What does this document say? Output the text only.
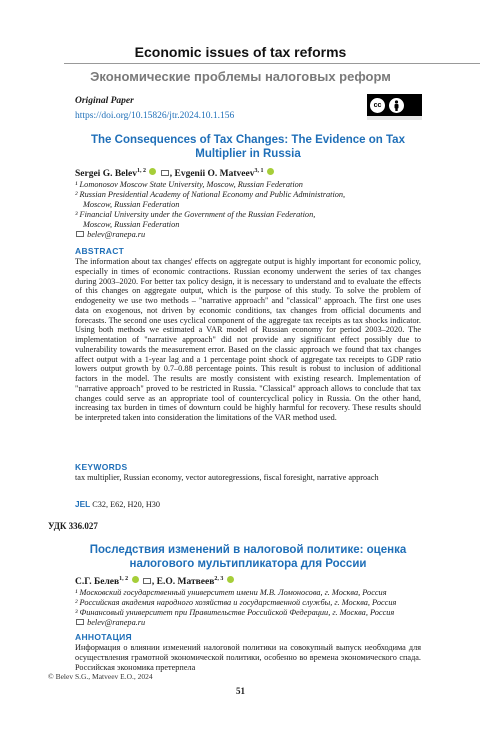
Economic issues of tax reforms
Экономические проблемы налоговых реформ
Original Paper
https://doi.org/10.15826/jtr.2024.10.1.156
cc
The Consequences of Tax Changes: The Evidence on Tax Multiplier in Russia
Sergei G. Belev$^{1, 2}$	, Evgenii O. Matveev$^{3, 1}$
¹ Lomonosov Moscow State University, Moscow, Russian Federation
² Russian Presidential Academy of National Economy and Public Administration,
Moscow, Russian Federation
³ Financial University under the Government of the Russian Federation,
Moscow, Russian Federation
belev@ranepa.ru
ABSTRACT
The information about tax changes' effects on aggregate output is highly important for economic policy, especially in times of economic contractions. Russian economy underwent the series of tax changes during 2003–2020. For better tax policy design, it is necessary to understand and to evaluate the effects of this changes on aggregate output, which is the purpose of this study. To solve the problem of endogeneity we use two methods – "narrative approach" and "classical" approach. The first one uses data on exogenous, not driven by economic conditions, tax changes from official documents and forecasts. The second one uses cyclical component of the aggregate tax receipts as tax shocks indicator. Using both methods we estimated a VAR model of Russian economy for period 2003–2020. The implementation of "narrative approach" did not provide any significant effect possibly due to vulnerability towards the measurement error. Based on the classic approach we found that tax changes affect output with a 1-year lag and a 1 percentage point shock of aggregate tax receipts to GDP ratio lowers output growth by 0.7–0.88 percentage points. This result is robust to inclusion of additional factors in the model. The results are mostly consistent with existing research. Implementation of "narrative approach" proved to be restricted in Russia. "Classical" approach allows to conclude that tax changes could serve as an appropriate tool of countercyclical policy in Russia. On the other hand, increasing tax burden in times of downturn could be highly harmful for recovery. These results should be interpreted taken into consideration the limitations of the VAR method used.
KEYWORDS
tax multiplier, Russian economy, vector autoregressions, fiscal foresight, narrative approach
JEL C32, E62, H20, H30
УДК 336.027
Последствия изменений в налоговой политике: оценка налогового мультипликатора для России
С.Г. Белев$^{1, 2}$	, Е.О. Матвеев$^{2, 3}$
¹ Московский государственный университет имени М.В. Ломоносова, г. Москва, Россия
² Российская академия народного хозяйства и государственной службы, г. Москва, Россия
³ Финансовый университет при Правительстве Российской Федерации, г. Москва, Россия
belev@ranepa.ru
АННОТАЦИЯ
Информация о влиянии изменений налоговой политики на совокупный выпуск необходима для осуществления грамотной экономической политики, особенно во времена экономического спада. Российская экономика претерпела
© Belev S.G., Matveev E.O., 2024
51
